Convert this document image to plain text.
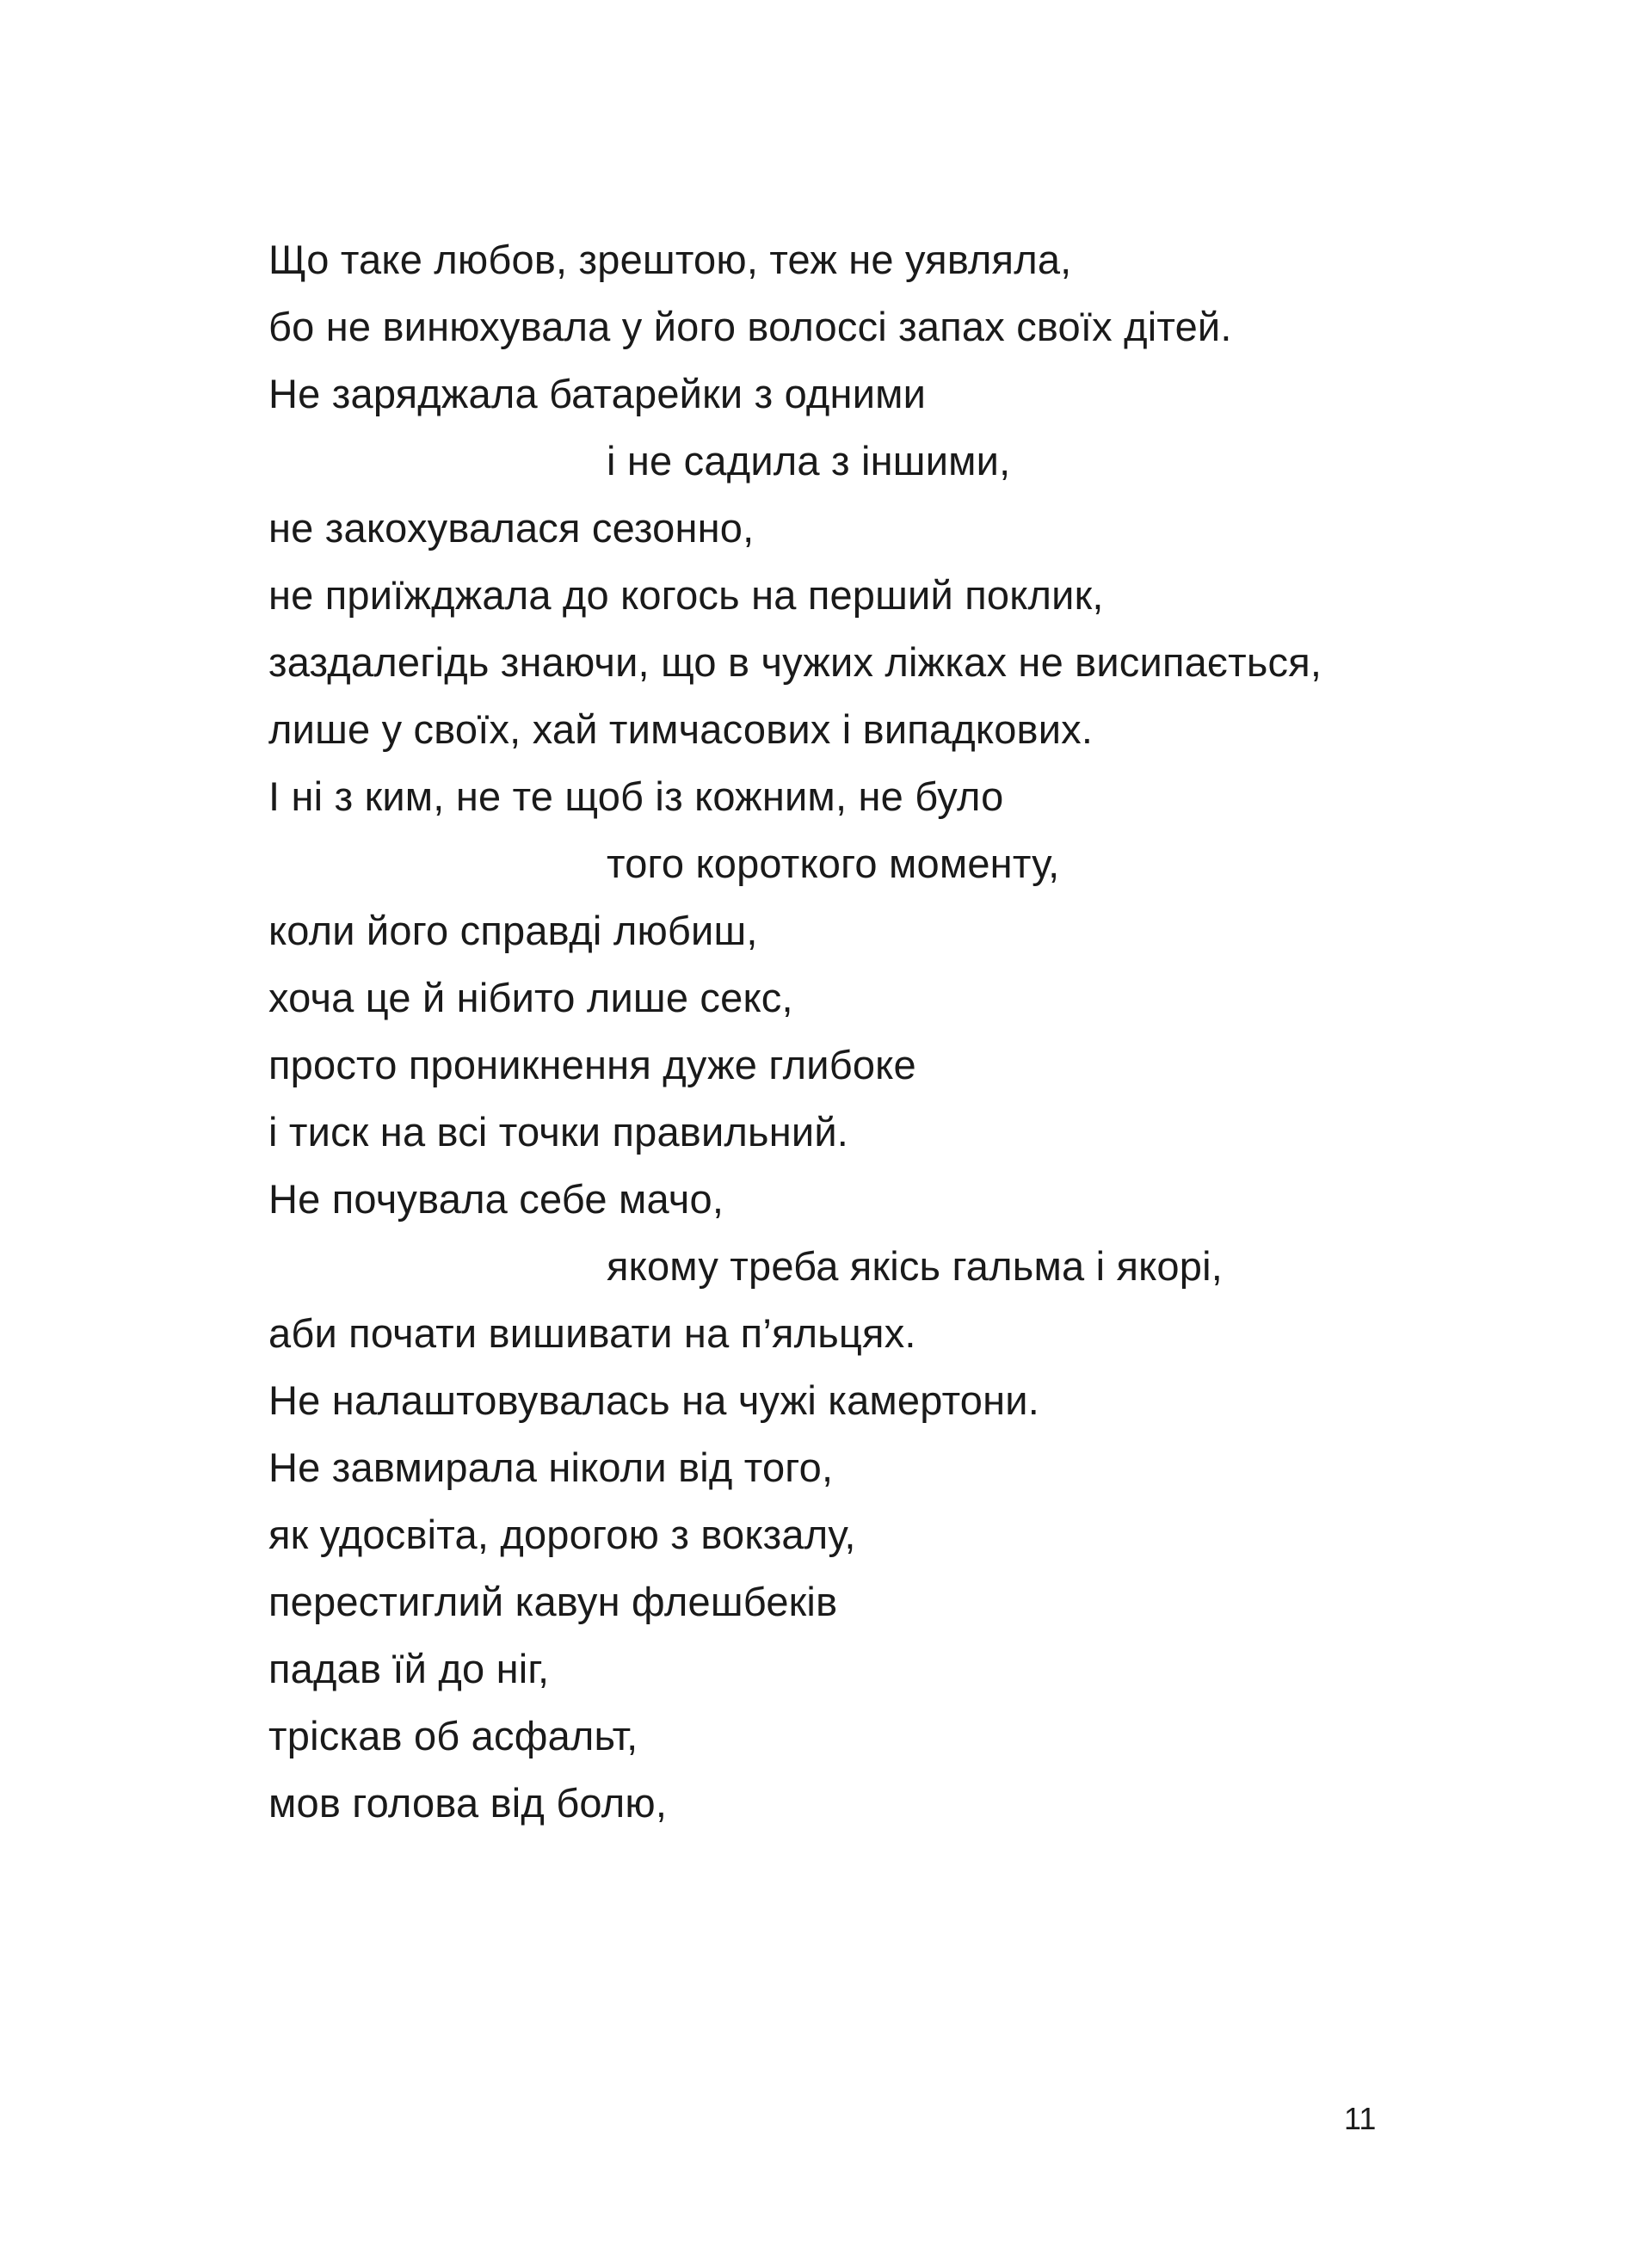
Що таке любов, зрештою, теж не уявляла,
бо не винюхувала у його волоссі запах своїх дітей.
Не заряджала батарейки з одними
і не садила з іншими,
не закохувалася сезонно,
не приїжджала до когось на перший поклик,
заздалегідь знаючи, що в чужих ліжках не висипається,
лише у своїх, хай тимчасових і випадкових.
І ні з ким, не те щоб із кожним, не було
того короткого моменту,
коли його справді любиш,
хоча це й нібито лише секс,
просто проникнення дуже глибоке
і тиск на всі точки правильний.
Не почувала себе мачо,
якому треба якісь гальма і якорі,
аби почати вишивати на п’яльцях.
Не налаштовувалась на чужі камертони.
Не завмирала ніколи від того,
як удосвіта, дорогою з вокзалу,
перестиглий кавун флешбеків
падав їй до ніг,
тріскав об асфальт,
мов голова від болю,
11
